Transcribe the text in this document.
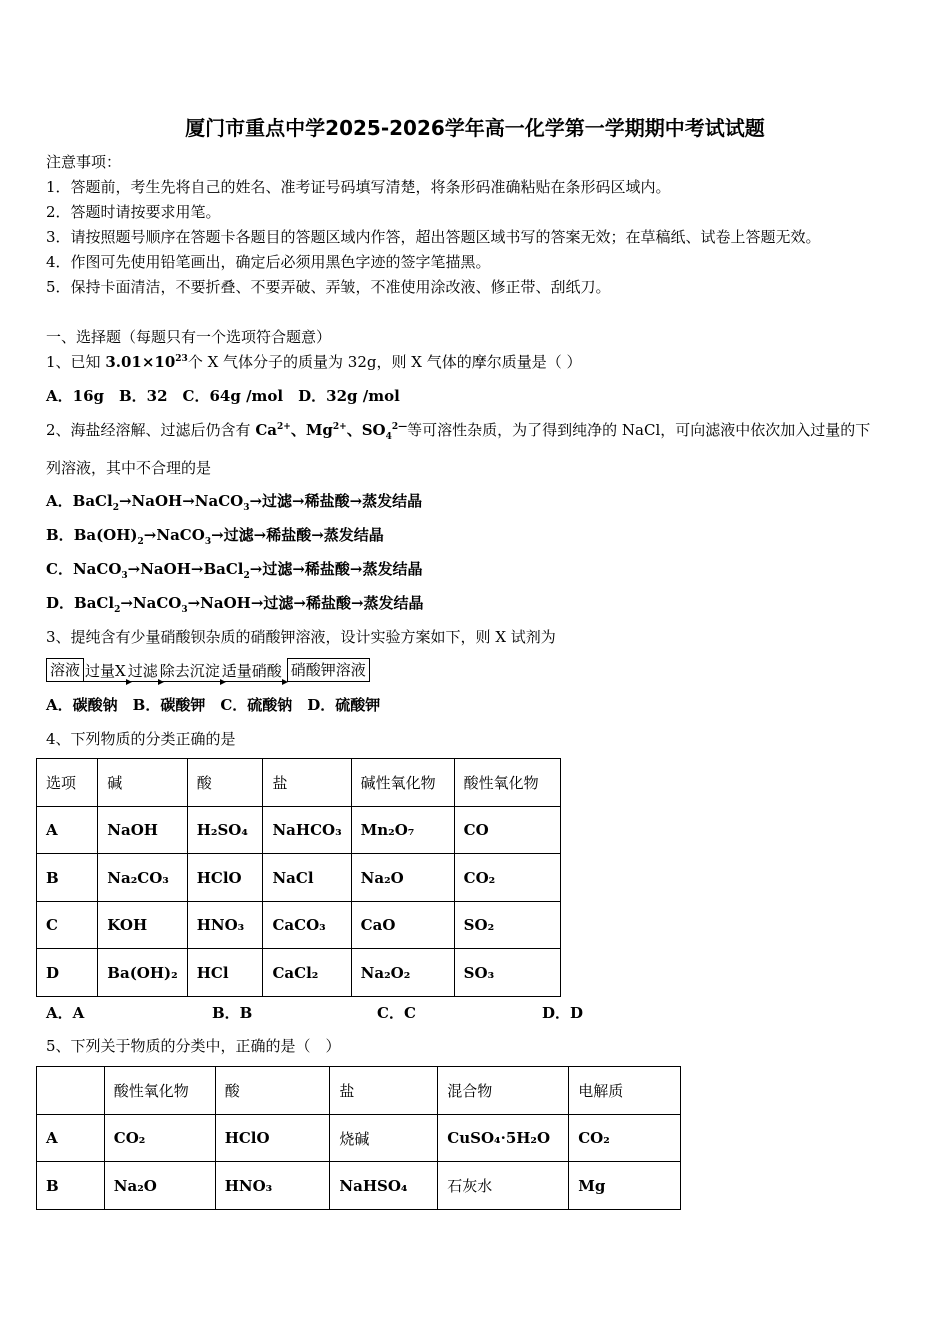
厦门市重点中学2025-2026学年高一化学第一学期期中考试试题
注意事项：
1．答题前，考生先将自己的姓名、准考证号码填写清楚，将条形码准确粘贴在条形码区域内。
2．答题时请按要求用笔。
3．请按照题号顺序在答题卡各题目的答题区域内作答，超出答题区域书写的答案无效；在草稿纸、试卷上答题无效。
4．作图可先使用铅笔画出，确定后必须用黑色字迹的签字笔描黑。
5．保持卡面清洁，不要折叠、不要弄破、弄皱，不准使用涂改液、修正带、刮纸刀。
一、选择题（每题只有一个选项符合题意）
1、已知 $3.01\times 10^{23}$个 X 气体分子的质量为 32g，则 X 气体的摩尔质量是（ ）
A．16g　B．32　C．64g /mol　D．32g /mol
2、海盐经溶解、过滤后仍含有 $Ca^{2+}$、$Mg^{2+}$、$SO_4^{2—}$等可溶性杂质，为了得到纯净的 NaCl，可向滤液中依次加入过量的下
列溶液，其中不合理的是
A．BaCl$_2$→NaOH→NaCO$_3$→过滤→稀盐酸→蒸发结晶
B．$Ba(OH)_2\to NaCO_3\to$过滤→稀盐酸→蒸发结晶
C．NaCO$_3$→NaOH→BaCl$_2$→过滤→稀盐酸→蒸发结晶
D．BaCl$_2$→NaCO$_3$→NaOH→过滤→稀盐酸→蒸发结晶
3、提纯含有少量硝酸钡杂质的硝酸钾溶液，设计实验方案如下，则 X 试剂为
溶液 过量X 过滤 除去沉淀 适量硝酸 硝酸钾溶液
A．碳酸钠　B．碳酸钾　C．硫酸钠　D．硫酸钾
4、下列物质的分类正确的是
选项	碱	酸	盐	碱性氧化物	酸性氧化物
A	NaOH	H₂SO₄	NaHCO₃	Mn₂O₇	CO
B	Na₂CO₃	HClO	NaCl	Na₂O	CO₂
C	KOH	HNO₃	CaCO₃	CaO	SO₂
D	Ba(OH)₂	HCl	CaCl₂	Na₂O₂	SO₃
A．A	B．B	C．C	D．D
5、下列关于物质的分类中，正确的是（　）
	酸性氧化物	酸	盐	混合物	电解质
A	CO₂	HClO	烧碱	CuSO₄·5H₂O	CO₂
B	Na₂O	HNO₃	NaHSO₄	石灰水	Mg
